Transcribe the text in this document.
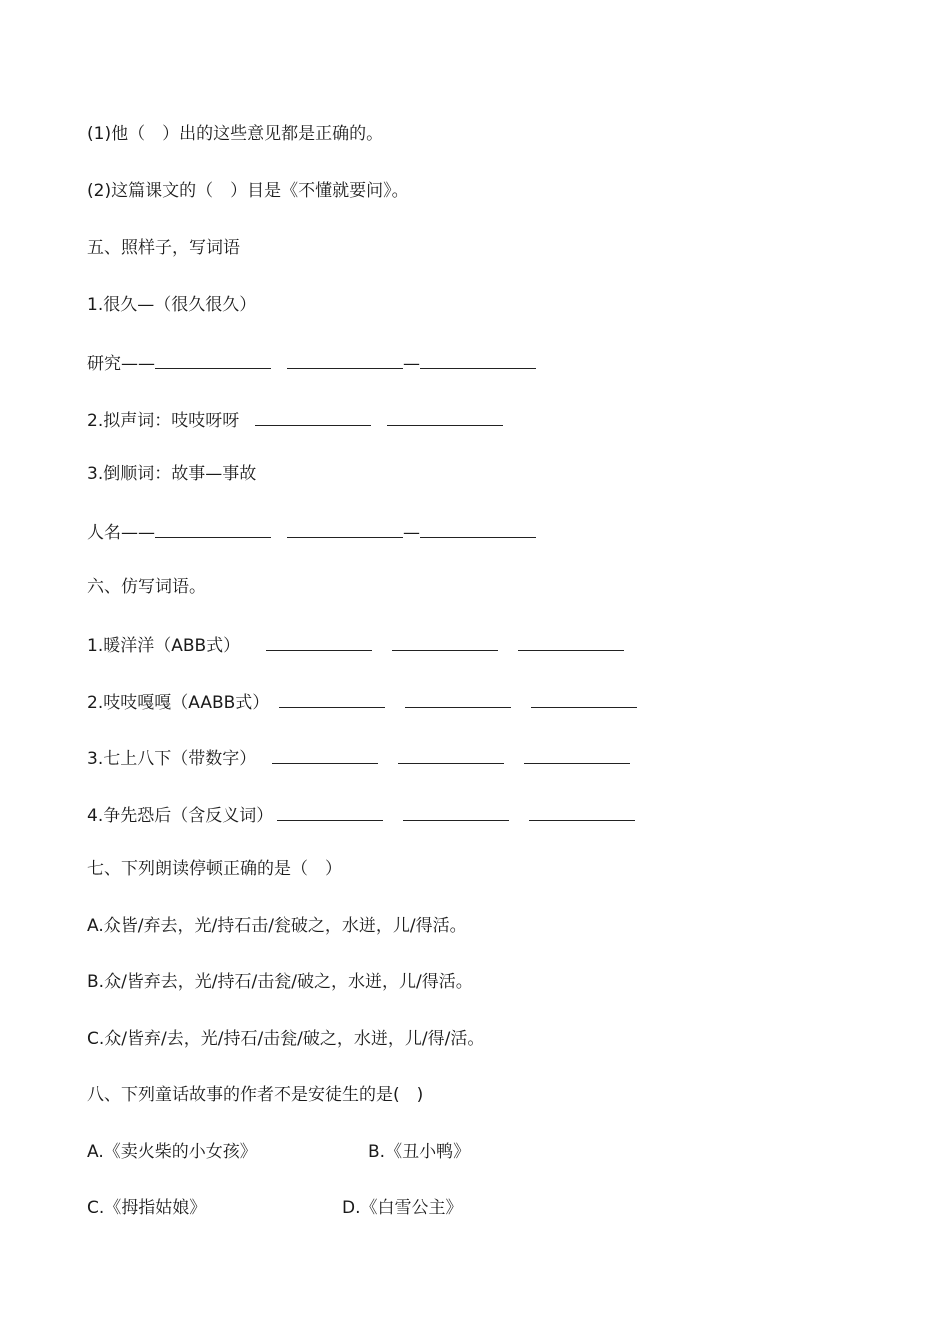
(1)他（　）出的这些意见都是正确的。
(2)这篇课文的（　）目是《不懂就要问》。
五、照样子，写词语
1.很久—（很久很久）
研究——	—
2.拟声词：吱吱呀呀
3.倒顺词：故事—事故
人名——	—
六、仿写词语。
1.暖洋洋（ABB式）
2.吱吱嘎嘎（AABB式）
3.七上八下（带数字）
4.争先恐后（含反义词）
七、下列朗读停顿正确的是（　）
A.众皆/弃去，光/持石击/瓮破之，水迸，儿/得活。
B.众/皆弃去，光/持石/击瓮/破之，水迸，儿/得活。
C.众/皆弃/去，光/持石/击瓮/破之，水迸，儿/得/活。
八、下列童话故事的作者不是安徒生的是(　)
A.《卖火柴的小女孩》	B.《丑小鸭》
C.《拇指姑娘》	D.《白雪公主》
